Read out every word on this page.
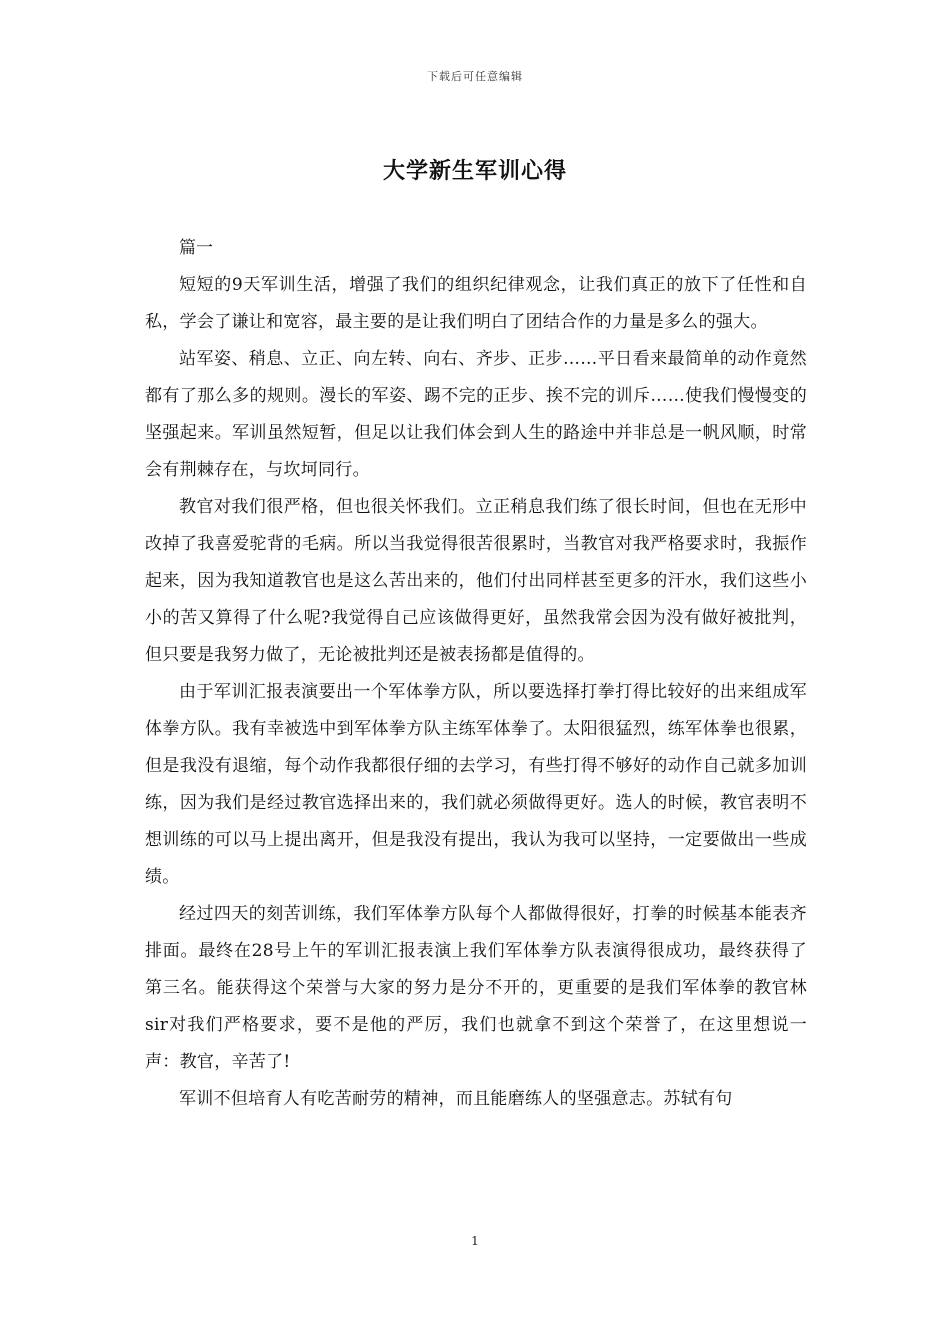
下载后可任意编辑
大学新生军训心得

篇一

短短的9天军训生活，增强了我们的组织纪律观念，让我们真正的放下了任性和自私，学会了谦让和宽容，最主要的是让我们明白了团结合作的力量是多么的强大。

站军姿、稍息、立正、向左转、向右、齐步、正步……平日看来最简单的动作竟然都有了那么多的规则。漫长的军姿、踢不完的正步、挨不完的训斥……使我们慢慢变的坚强起来。军训虽然短暂，但足以让我们体会到人生的路途中并非总是一帆风顺，时常会有荆棘存在，与坎坷同行。

教官对我们很严格，但也很关怀我们。立正稍息我们练了很长时间，但也在无形中改掉了我喜爱驼背的毛病。所以当我觉得很苦很累时，当教官对我严格要求时，我振作起来，因为我知道教官也是这么苦出来的，他们付出同样甚至更多的汗水，我们这些小小的苦又算得了什么呢?我觉得自己应该做得更好，虽然我常会因为没有做好被批判，但只要是我努力做了，无论被批判还是被表扬都是值得的。

由于军训汇报表演要出一个军体拳方队，所以要选择打拳打得比较好的出来组成军体拳方队。我有幸被选中到军体拳方队主练军体拳了。太阳很猛烈，练军体拳也很累，但是我没有退缩，每个动作我都很仔细的去学习，有些打得不够好的动作自己就多加训练，因为我们是经过教官选择出来的，我们就必须做得更好。选人的时候，教官表明不想训练的可以马上提出离开，但是我没有提出，我认为我可以坚持，一定要做出一些成绩。

经过四天的刻苦训练，我们军体拳方队每个人都做得很好，打拳的时候基本能表齐排面。最终在28号上午的军训汇报表演上我们军体拳方队表演得很成功，最终获得了第三名。能获得这个荣誉与大家的努力是分不开的，更重要的是我们军体拳的教官林sir对我们严格要求，要不是他的严厉，我们也就拿不到这个荣誉了，在这里想说一声：教官，辛苦了!

军训不但培育人有吃苦耐劳的精神，而且能磨练人的坚强意志。苏轼有句

1
